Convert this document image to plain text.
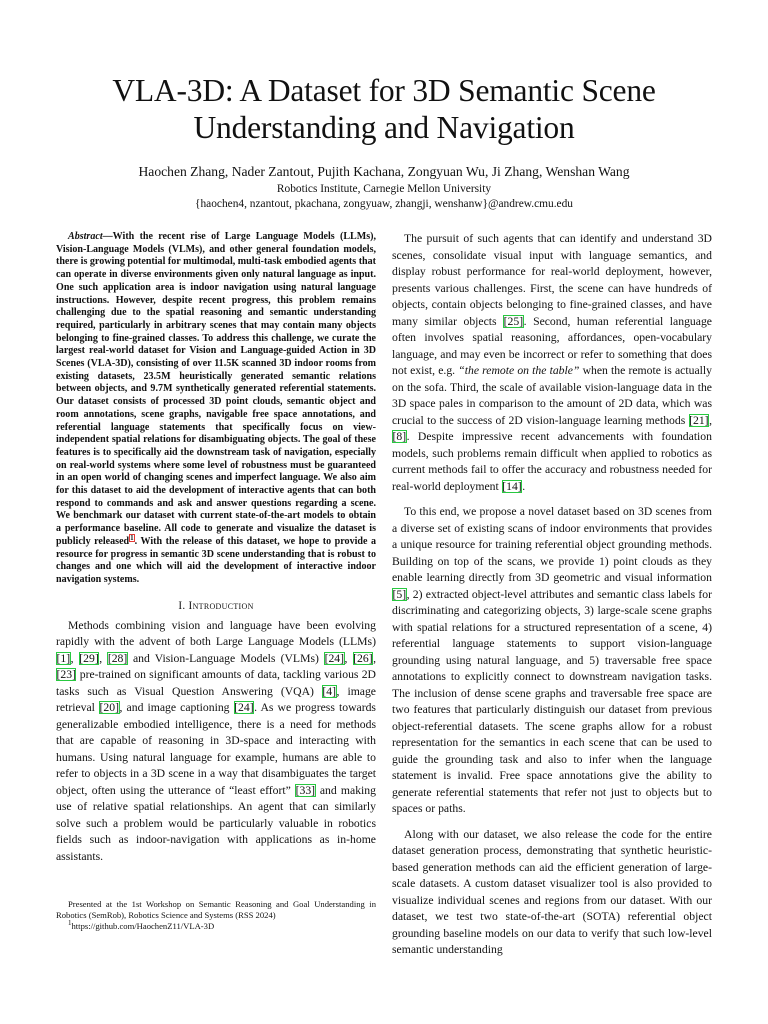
VLA-3D: A Dataset for 3D Semantic Scene
Understanding and Navigation
Haochen Zhang, Nader Zantout, Pujith Kachana, Zongyuan Wu, Ji Zhang, Wenshan Wang
Robotics Institute, Carnegie Mellon University
{haochen4, nzantout, pkachana, zongyuaw, zhangji, wenshanw}@andrew.cmu.edu

Abstract—With the recent rise of Large Language Models (LLMs), Vision-Language Models (VLMs), and other general foundation models, there is growing potential for multimodal, multi-task embodied agents that can operate in diverse environments given only natural language as input. One such application area is indoor navigation using natural language instructions. However, despite recent progress, this problem remains challenging due to the spatial reasoning and semantic understanding required, particularly in arbitrary scenes that may contain many objects belonging to fine-grained classes. To address this challenge, we curate the largest real-world dataset for Vision and Language-guided Action in 3D Scenes (VLA-3D), consisting of over 11.5K scanned 3D indoor rooms from existing datasets, 23.5M heuristically generated semantic relations between objects, and 9.7M synthetically generated referential statements. Our dataset consists of processed 3D point clouds, semantic object and room annotations, scene graphs, navigable free space annotations, and referential language statements that specifically focus on view-independent spatial relations for disambiguating objects. The goal of these features is to specifically aid the downstream task of navigation, especially on real-world systems where some level of robustness must be guaranteed in an open world of changing scenes and imperfect language. We also aim for this dataset to aid the development of interactive agents that can both respond to commands and ask and answer questions regarding a scene. We benchmark our dataset with current state-of-the-art models to obtain a performance baseline. All code to generate and visualize the dataset is publicly released$^1$. With the release of this dataset, we hope to provide a resource for progress in semantic 3D scene understanding that is robust to changes and one which will aid the development of interactive indoor navigation systems.

I. Introduction

Methods combining vision and language have been evolving rapidly with the advent of both Large Language Models (LLMs) [1], [29], [28] and Vision-Language Models (VLMs) [24], [26], [23] pre-trained on significant amounts of data, tackling various 2D tasks such as Visual Question Answering (VQA) [4], image retrieval [20], and image captioning [24]. As we progress towards generalizable embodied intelligence, there is a need for methods that are capable of reasoning in 3D-space and interacting with humans. Using natural language for example, humans are able to refer to objects in a 3D scene in a way that disambiguates the target object, often using the utterance of “least effort” [33] and making use of relative spatial relationships. An agent that can similarly solve such a problem would be particularly valuable in robotics fields such as indoor-navigation with applications as in-home assistants.

Presented at the 1st Workshop on Semantic Reasoning and Goal Understanding in Robotics (SemRob), Robotics Science and Systems (RSS 2024)

$^1$https://github.com/HaochenZ11/VLA-3D

The pursuit of such agents that can identify and understand 3D scenes, consolidate visual input with language semantics, and display robust performance for real-world deployment, however, presents various challenges. First, the scene can have hundreds of objects, contain objects belonging to fine-grained classes, and have many similar objects [25]. Second, human referential language often involves spatial reasoning, affordances, open-vocabulary language, and may even be incorrect or refer to something that does not exist, e.g. “the remote on the table” when the remote is actually on the sofa. Third, the scale of available vision-language data in the 3D space pales in comparison to the amount of 2D data, which was crucial to the success of 2D vision-language learning methods [21], [8]. Despite impressive recent advancements with foundation models, such problems remain difficult when applied to robotics as current methods fail to offer the accuracy and robustness needed for real-world deployment [14].

To this end, we propose a novel dataset based on 3D scenes from a diverse set of existing scans of indoor environments that provides a unique resource for training referential object grounding methods. Building on top of the scans, we provide 1) point clouds as they enable learning directly from 3D geometric and visual information [5], 2) extracted object-level attributes and semantic class labels for discriminating and categorizing objects, 3) large-scale scene graphs with spatial relations for a structured representation of a scene, 4) referential language statements to support vision-language grounding using natural language, and 5) traversable free space annotations to explicitly connect to downstream navigation tasks. The inclusion of dense scene graphs and traversable free space are two features that particularly distinguish our dataset from previous object-referential datasets. The scene graphs allow for a robust representation for the semantics in each scene that can be used to guide the grounding task and also to infer when the language statement is invalid. Free space annotations give the ability to generate referential statements that refer not just to objects but to spaces or paths.

Along with our dataset, we also release the code for the entire dataset generation process, demonstrating that synthetic heuristic-based generation methods can aid the efficient generation of large-scale datasets. A custom dataset visualizer tool is also provided to visualize individual scenes and regions from our dataset. With our dataset, we test two state-of-the-art (SOTA) referential object grounding baseline models on our data to verify that such low-level semantic understanding
